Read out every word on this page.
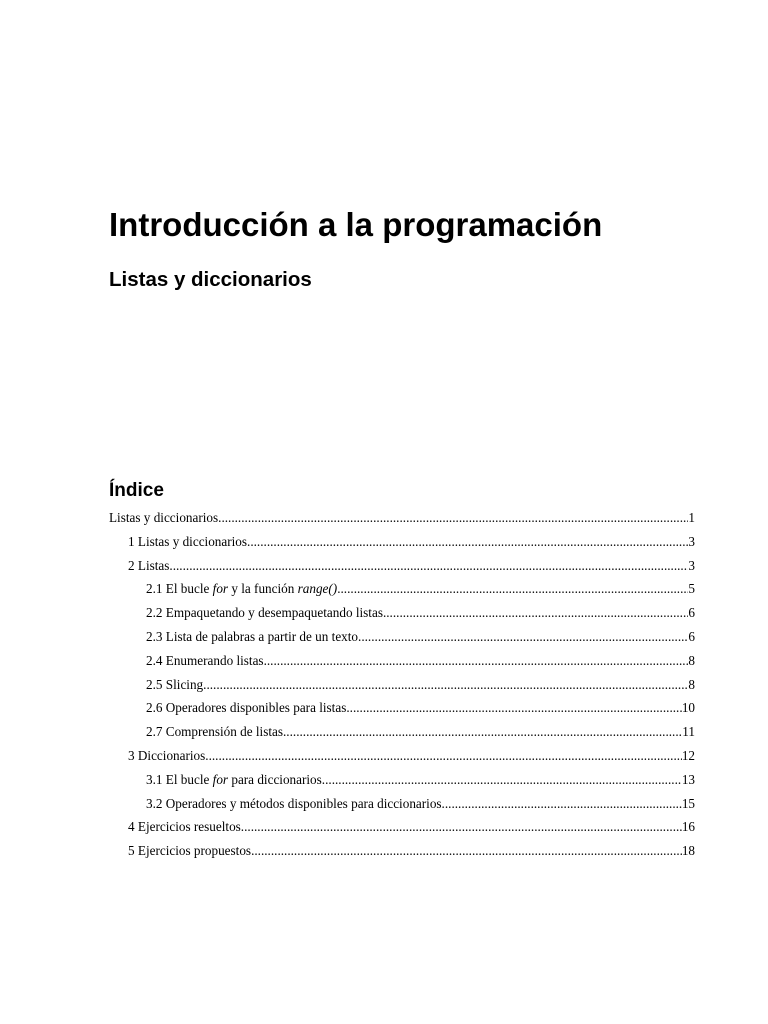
Introducción a la programación
Listas y diccionarios
Índice
Listas y diccionarios .....	1
1 Listas y diccionarios .....	3
2 Listas .....	3
2.1 El bucle for y la función range() .....	5
2.2 Empaquetando y desempaquetando listas .....	6
2.3 Lista de palabras a partir de un texto .....	6
2.4 Enumerando listas .....	8
2.5 Slicing .....	8
2.6 Operadores disponibles para listas .....	10
2.7 Comprensión de listas .....	11
3 Diccionarios .....	12
3.1 El bucle for para diccionarios .....	13
3.2 Operadores y métodos disponibles para diccionarios .....	15
4 Ejercicios resueltos .....	16
5 Ejercicios propuestos .....	18
